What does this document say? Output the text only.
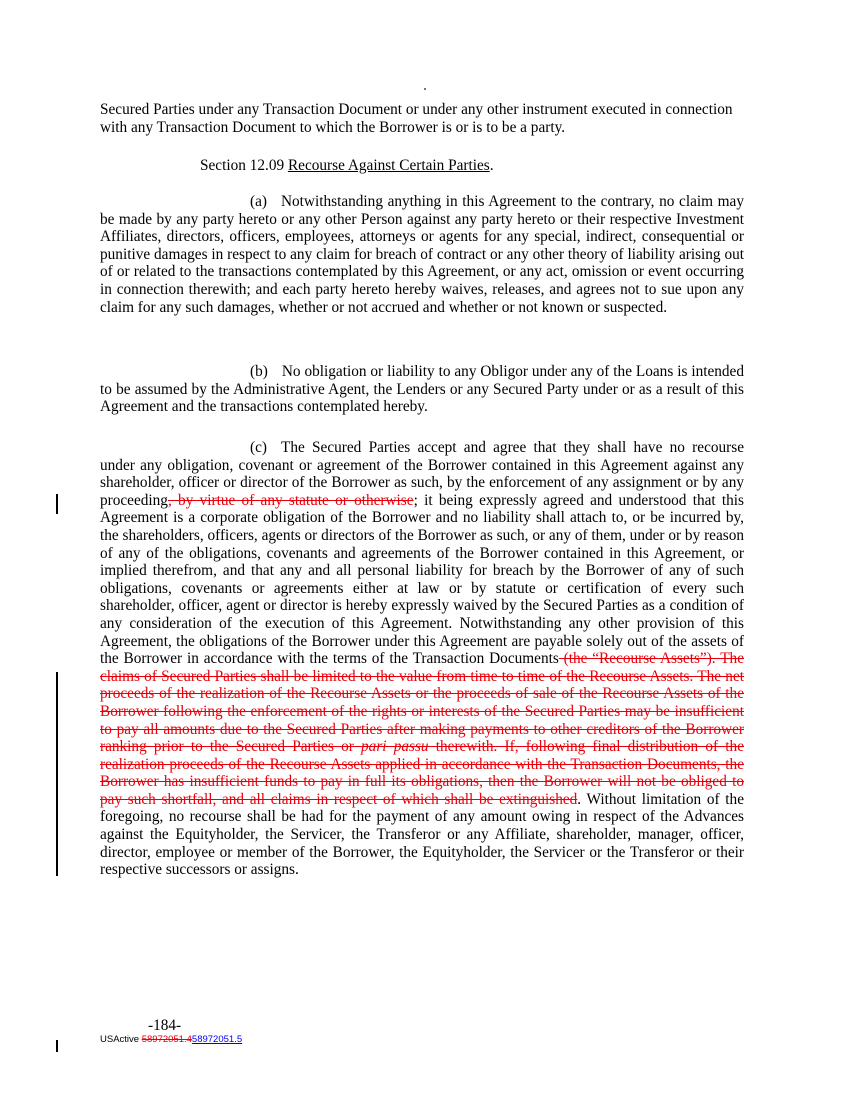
Secured Parties under any Transaction Document or under any other instrument executed in connection with any Transaction Document to which the Borrower is or is to be a party.
Section 12.09 Recourse Against Certain Parties.
(a) Notwithstanding anything in this Agreement to the contrary, no claim may be made by any party hereto or any other Person against any party hereto or their respective Investment Affiliates, directors, officers, employees, attorneys or agents for any special, indirect, consequential or punitive damages in respect to any claim for breach of contract or any other theory of liability arising out of or related to the transactions contemplated by this Agreement, or any act, omission or event occurring in connection therewith; and each party hereto hereby waives, releases, and agrees not to sue upon any claim for any such damages, whether or not accrued and whether or not known or suspected.
(b) No obligation or liability to any Obligor under any of the Loans is intended to be assumed by the Administrative Agent, the Lenders or any Secured Party under or as a result of this Agreement and the transactions contemplated hereby.
(c) The Secured Parties accept and agree that they shall have no recourse under any obligation, covenant or agreement of the Borrower contained in this Agreement against any shareholder, officer or director of the Borrower as such, by the enforcement of any assignment or by any proceeding, by virtue of any statute or otherwise; it being expressly agreed and understood that this Agreement is a corporate obligation of the Borrower and no liability shall attach to, or be incurred by, the shareholders, officers, agents or directors of the Borrower as such, or any of them, under or by reason of any of the obligations, covenants and agreements of the Borrower contained in this Agreement, or implied therefrom, and that any and all personal liability for breach by the Borrower of any of such obligations, covenants or agreements either at law or by statute or certification of every such shareholder, officer, agent or director is hereby expressly waived by the Secured Parties as a condition of any consideration of the execution of this Agreement. Notwithstanding any other provision of this Agreement, the obligations of the Borrower under this Agreement are payable solely out of the assets of the Borrower in accordance with the terms of the Transaction Documents (the “Recourse Assets”). The claims of Secured Parties shall be limited to the value from time to time of the Recourse Assets. The net proceeds of the realization of the Recourse Assets or the proceeds of sale of the Recourse Assets of the Borrower following the enforcement of the rights or interests of the Secured Parties may be insufficient to pay all amounts due to the Secured Parties after making payments to other creditors of the Borrower ranking prior to the Secured Parties or pari passu therewith. If, following final distribution of the realization proceeds of the Recourse Assets applied in accordance with the Transaction Documents, the Borrower has insufficient funds to pay in full its obligations, then the Borrower will not be obliged to pay such shortfall, and all claims in respect of which shall be extinguished. Without limitation of the foregoing, no recourse shall be had for the payment of any amount owing in respect of the Advances against the Equityholder, the Servicer, the Transferor or any Affiliate, shareholder, manager, officer, director, employee or member of the Borrower, the Equityholder, the Servicer or the Transferor or their respective successors or assigns.
-184-
USActive 58972051.458972051.5
